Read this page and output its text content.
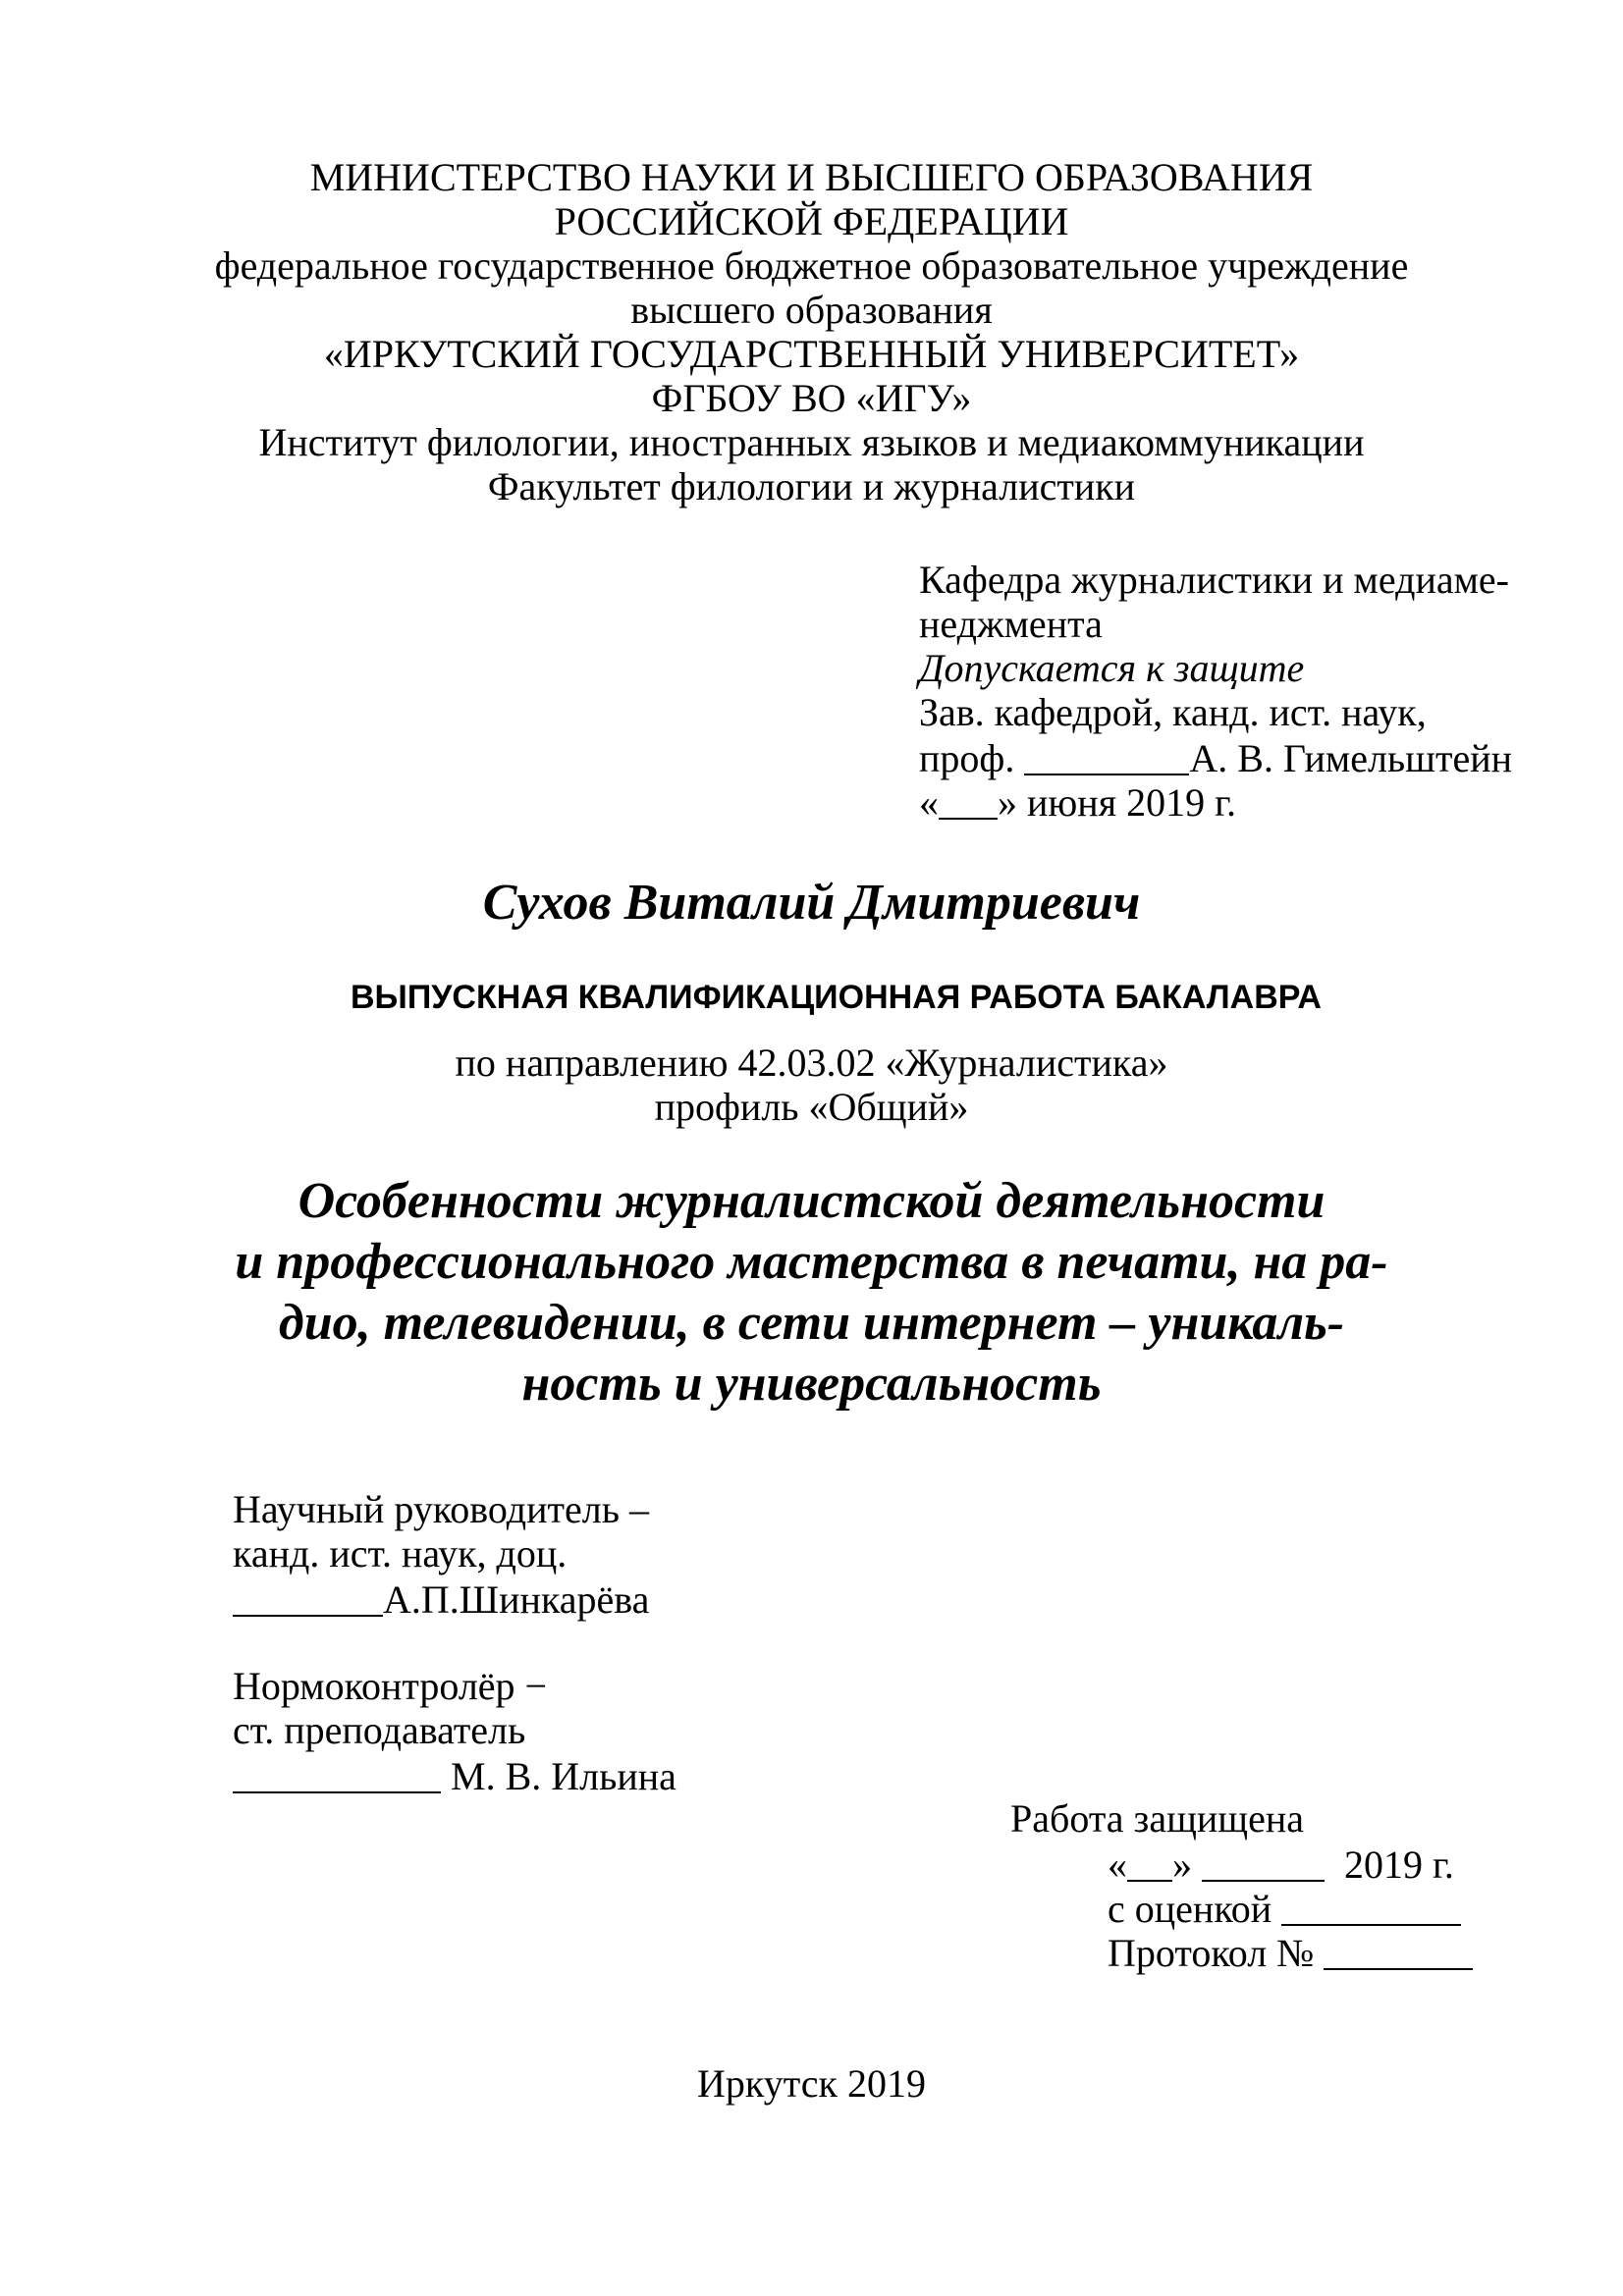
МИНИСТЕРСТВО НАУКИ И ВЫСШЕГО ОБРАЗОВАНИЯ
РОССИЙСКОЙ ФЕДЕРАЦИИ
федеральное государственное бюджетное образовательное учреждение
высшего образования
«ИРКУТСКИЙ ГОСУДАРСТВЕННЫЙ УНИВЕРСИТЕТ»
ФГБОУ ВО «ИГУ»
Институт филологии, иностранных языков и медиакоммуникации
Факультет филологии и журналистики
Кафедра журналистики и медиаме-
неджмента
Допускается к защите
Зав. кафедрой, канд. ист. наук,
проф.	А. В. Гимельштейн
« » июня 2019 г.
Сухов Виталий Дмитриевич
ВЫПУСКНАЯ КВАЛИФИКАЦИОННАЯ РАБОТА БАКАЛАВРА
по направлению 42.03.02 «Журналистика»
профиль «Общий»
Особенности журналистской деятельности
и профессионального мастерства в печати, на ра-
дио, телевидении, в сети интернет – уникаль-
ность и универсальность
Научный руководитель –
канд. ист. наук, доц.
А.П.Шинкарёва
Нормоконтролёр −
ст. преподаватель
М. В. Ильина
Работа защищена
« »	2019 г.
с оценкой
Протокол №
Иркутск 2019
